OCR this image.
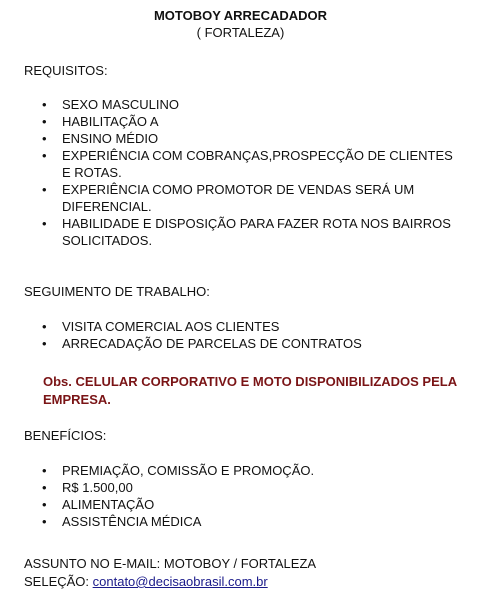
MOTOBOY ARRECADADOR
( FORTALEZA)
REQUISITOS:
• SEXO MASCULINO
• HABILITAÇÃO A
• ENSINO MÉDIO
• EXPERIÊNCIA COM COBRANÇAS,PROSPECÇÃO DE CLIENTES E ROTAS.
• EXPERIÊNCIA COMO PROMOTOR DE VENDAS SERÁ UM DIFERENCIAL.
• HABILIDADE E DISPOSIÇÃO PARA FAZER ROTA NOS BAIRROS SOLICITADOS.
SEGUIMENTO DE TRABALHO:
• VISITA COMERCIAL AOS CLIENTES
• ARRECADAÇÃO DE PARCELAS DE CONTRATOS
Obs. CELULAR CORPORATIVO E MOTO DISPONIBILIZADOS PELA EMPRESA.
BENEFÍCIOS:
• PREMIAÇÃO, COMISSÃO E PROMOÇÃO.
• R$ 1.500,00
• ALIMENTAÇÃO
• ASSISTÊNCIA MÉDICA
ASSUNTO NO E-MAIL: MOTOBOY / FORTALEZA
SELEÇÃO: contato@decisaobrasil.com.br
